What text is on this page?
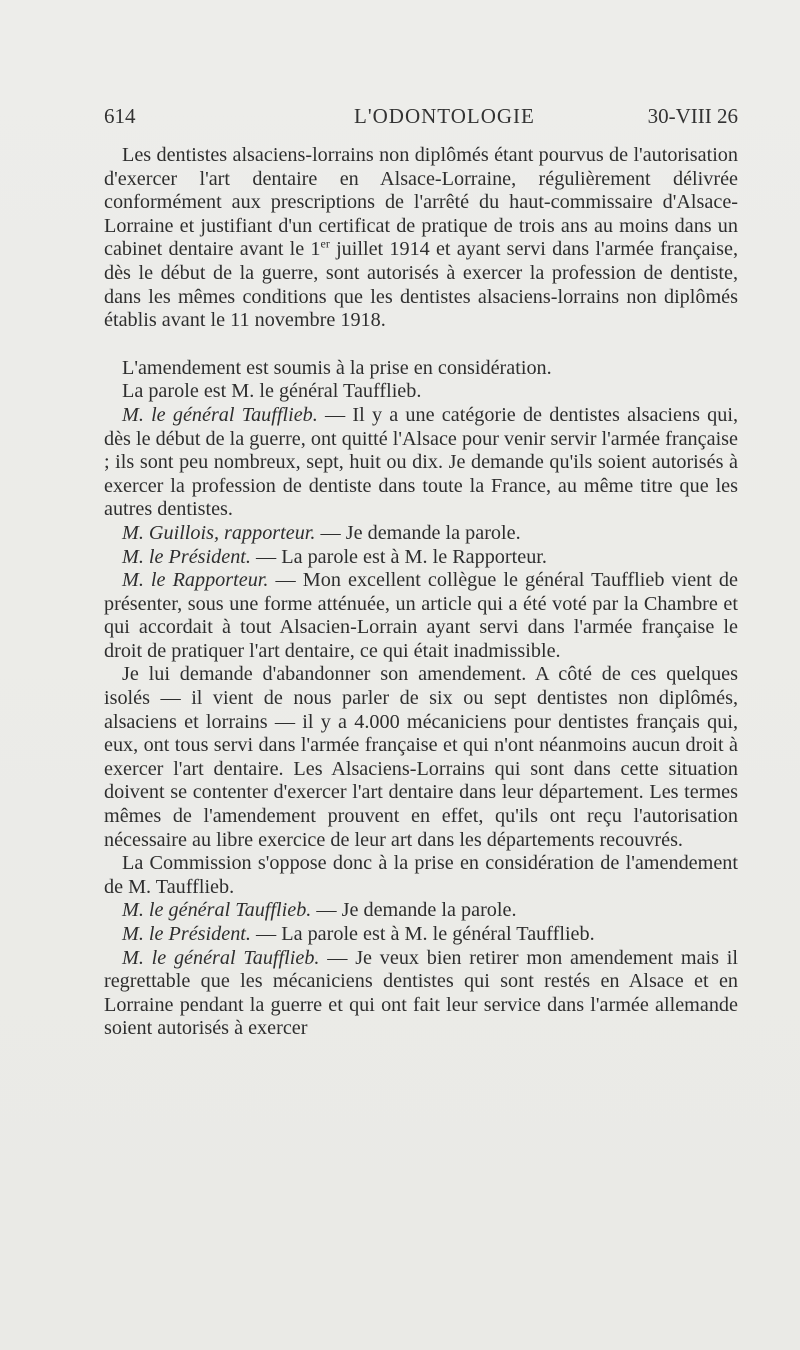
614	L'ODONTOLOGIE	30-VIII 26

Les dentistes alsaciens-lorrains non diplômés étant pourvus de l'autorisation d'exercer l'art dentaire en Alsace-Lorraine, régulièrement délivrée conformément aux prescriptions de l'arrêté du haut-commissaire d'Alsace-Lorraine et justifiant d'un certificat de pratique de trois ans au moins dans un cabinet dentaire avant le 1er juillet 1914 et ayant servi dans l'armée française, dès le début de la guerre, sont autorisés à exercer la profession de dentiste, dans les mêmes conditions que les dentistes alsaciens-lorrains non diplômés établis avant le 11 novembre 1918.

L'amendement est soumis à la prise en considération.

La parole est M. le général Taufflieb.

M. le général Taufflieb. — Il y a une catégorie de dentistes alsaciens qui, dès le début de la guerre, ont quitté l'Alsace pour venir servir l'armée française ; ils sont peu nombreux, sept, huit ou dix. Je demande qu'ils soient autorisés à exercer la profession de dentiste dans toute la France, au même titre que les autres dentistes.

M. Guillois, rapporteur. — Je demande la parole.

M. le Président. — La parole est à M. le Rapporteur.

M. le Rapporteur. — Mon excellent collègue le général Taufflieb vient de présenter, sous une forme atténuée, un article qui a été voté par la Chambre et qui accordait à tout Alsacien-Lorrain ayant servi dans l'armée française le droit de pratiquer l'art dentaire, ce qui était inadmissible.

Je lui demande d'abandonner son amendement. A côté de ces quelques isolés — il vient de nous parler de six ou sept dentistes non diplômés, alsaciens et lorrains — il y a 4.000 mécaniciens pour dentistes français qui, eux, ont tous servi dans l'armée française et qui n'ont néanmoins aucun droit à exercer l'art dentaire. Les Alsaciens-Lorrains qui sont dans cette situation doivent se contenter d'exercer l'art dentaire dans leur département. Les termes mêmes de l'amendement prouvent en effet, qu'ils ont reçu l'autorisation nécessaire au libre exercice de leur art dans les départements recouvrés.

La Commission s'oppose donc à la prise en considération de l'amendement de M. Taufflieb.

M. le général Taufflieb. — Je demande la parole.

M. le Président. — La parole est à M. le général Taufflieb.

M. le général Taufflieb. — Je veux bien retirer mon amendement mais il regrettable que les mécaniciens dentistes qui sont restés en Alsace et en Lorraine pendant la guerre et qui ont fait leur service dans l'armée allemande soient autorisés à exercer
